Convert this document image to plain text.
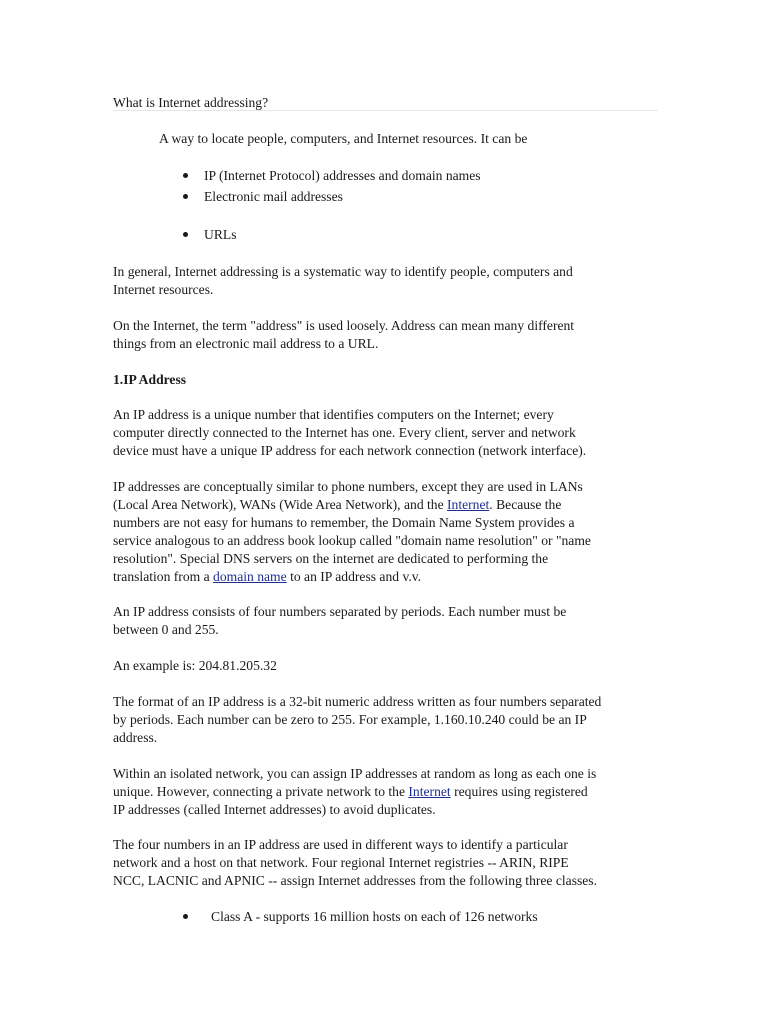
What is Internet addressing?
A way to locate people, computers, and Internet resources. It can be
IP (Internet Protocol) addresses and domain names
Electronic mail addresses
URLs
In general, Internet addressing is a systematic way to identify people, computers and
Internet resources.
On the Internet, the term "address" is used loosely. Address can mean many different
things from an electronic mail address to a URL.
1.IP Address
An IP address is a unique number that identifies computers on the Internet; every
computer directly connected to the Internet has one. Every client, server and network
device must have a unique IP address for each network connection (network interface).
IP addresses are conceptually similar to phone numbers, except they are used in LANs
(Local Area Network), WANs (Wide Area Network), and the Internet. Because the
numbers are not easy for humans to remember, the Domain Name System provides a
service analogous to an address book lookup called "domain name resolution" or "name
resolution". Special DNS servers on the internet are dedicated to performing the
translation from a domain name to an IP address and v.v.
An IP address consists of four numbers separated by periods. Each number must be
between 0 and 255.
An example is: 204.81.205.32
The format of an IP address is a 32-bit numeric address written as four numbers separated
by periods. Each number can be zero to 255. For example, 1.160.10.240 could be an IP
address.
Within an isolated network, you can assign IP addresses at random as long as each one is
unique. However, connecting a private network to the Internet requires using registered
IP addresses (called Internet addresses) to avoid duplicates.
The four numbers in an IP address are used in different ways to identify a particular
network and a host on that network. Four regional Internet registries -- ARIN, RIPE
NCC, LACNIC and APNIC -- assign Internet addresses from the following three classes.
Class A - supports 16 million hosts on each of 126 networks
